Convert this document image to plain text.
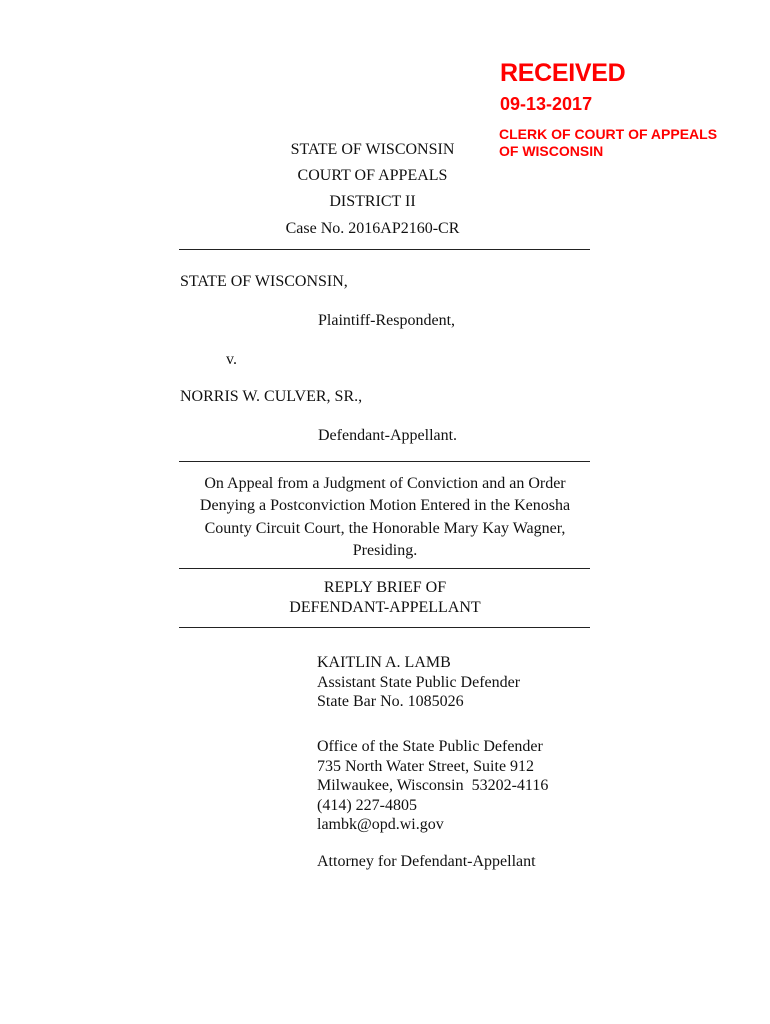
RECEIVED
09-13-2017
CLERK OF COURT OF APPEALS
OF WISCONSIN
STATE OF WISCONSIN
COURT OF APPEALS
DISTRICT II
Case No. 2016AP2160-CR
STATE OF WISCONSIN,
Plaintiff-Respondent,
v.
NORRIS W. CULVER, SR.,
Defendant-Appellant.
On Appeal from a Judgment of Conviction and an Order
Denying a Postconviction Motion Entered in the Kenosha
County Circuit Court, the Honorable Mary Kay Wagner,
Presiding.
REPLY BRIEF OF
DEFENDANT-APPELLANT
KAITLIN A. LAMB
Assistant State Public Defender
State Bar No. 1085026
Office of the State Public Defender
735 North Water Street, Suite 912
Milwaukee, Wisconsin  53202-4116
(414) 227-4805
lambk@opd.wi.gov
Attorney for Defendant-Appellant
